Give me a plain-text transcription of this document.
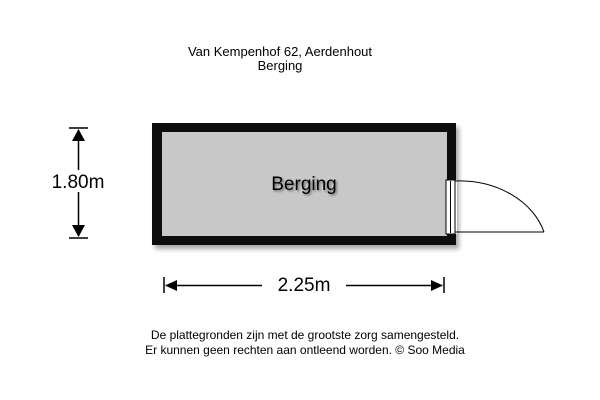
Van Kempenhof 62, Aerdenhout
Berging
Berging
1.80m
2.25m
De plattegronden zijn met de grootste zorg samengesteld.
Er kunnen geen rechten aan ontleend worden. © Soo Media
